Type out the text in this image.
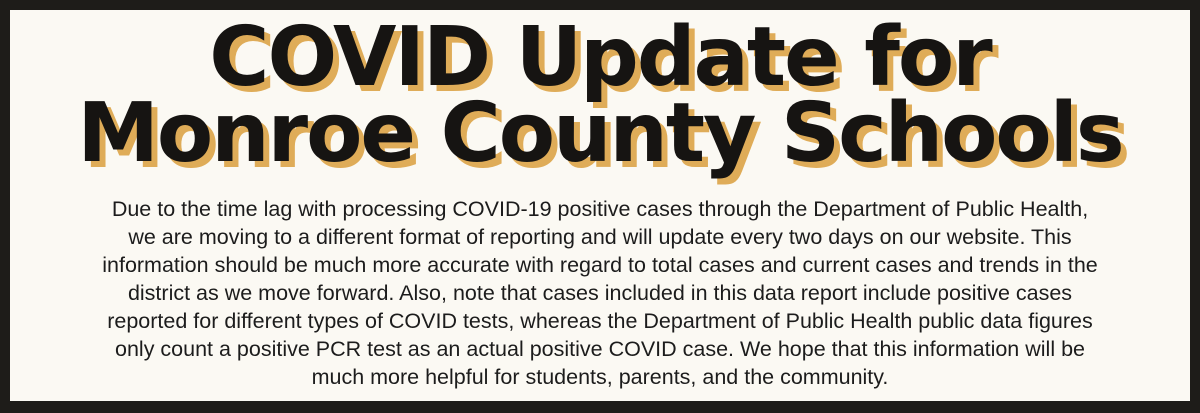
COVID Update for
Monroe County Schools
Due to the time lag with processing COVID-19 positive cases through the Department of Public Health,
we are moving to a different format of reporting and will update every two days on our website. This
information should be much more accurate with regard to total cases and current cases and trends in the
district as we move forward. Also, note that cases included in this data report include positive cases
reported for different types of COVID tests, whereas the Department of Public Health public data figures
only count a positive PCR test as an actual positive COVID case. We hope that this information will be
much more helpful for students, parents, and the community.
